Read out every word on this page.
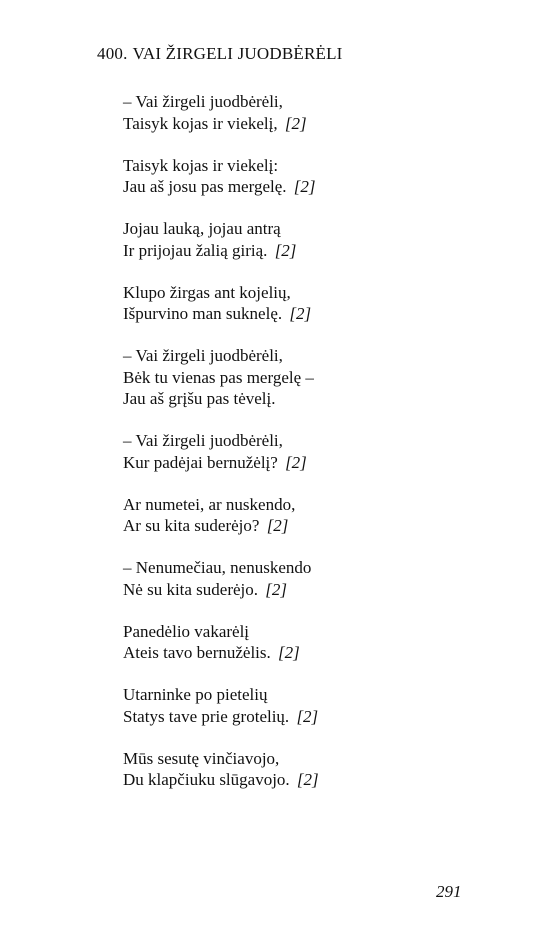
400. VAI ŽIRGELI JUODBĖRĖLI
– Vai žirgeli juodbėrėli,
Taisyk kojas ir viekelį, [2]
Taisyk kojas ir viekelį:
Jau aš josu pas mergelę. [2]
Jojau lauką, jojau antrą
Ir prijojau žalią girią. [2]
Klupo žirgas ant kojelių,
Išpurvino man suknelę. [2]
– Vai žirgeli juodbėrėli,
Bėk tu vienas pas mergelę –
Jau aš grįšu pas tėvelį.
– Vai žirgeli juodbėrėli,
Kur padėjai bernužėlį? [2]
Ar numetei, ar nuskendo,
Ar su kita suderėjo? [2]
– Nenumečiau, nenuskendo
Nė su kita suderėjo. [2]
Panedėlio vakarėlį
Ateis tavo bernužėlis. [2]
Utarninke po pietelių
Statys tave prie grotelių. [2]
Mūs sesutę vinčiavojo,
Du klapčiuku slūgavojo. [2]
291
